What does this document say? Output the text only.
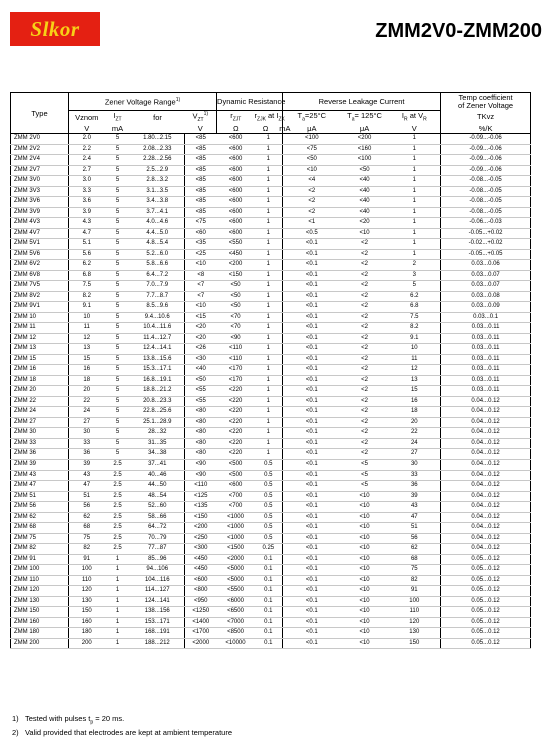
Slkor	ZMM2V0-ZMM200
Type	Zener Voltage Range$^{1)}$				Dynamic Resistance		Reverse Leakage Current			Temp coefficient
of Zener Voltage

	Vznom	$I_{ZT}$	for	$V_{ZT}^{1)}$	$r_{ZJT}$	$r_{ZJK}$ at $I_{ZK}$	$T_a=25^\circ C$	$T_a= 125^\circ C$	$I_R$ at $V_R$	TKvz
	V	mA		V	Ω	Ω mA	μA	μA	V	%/K
ZMM 2V0	2.0	5	1.80...2.15	<85	<600	1	<100	<200	1	-0.09...-0.06
ZMM 2V2	2.2	5	2.08...2.33	<85	<600	1	<75	<160	1	-0.09...-0.06
ZMM 2V4	2.4	5	2.28...2.56	<85	<600	1	<50	<100	1	-0.09...-0.06
ZMM 2V7	2.7	5	2.5...2.9	<85	<600	1	<10	<50	1	-0.09...-0.06
ZMM 3V0	3.0	5	2.8...3.2	<85	<600	1	<4	<40	1	-0.08...-0.05
ZMM 3V3	3.3	5	3.1...3.5	<85	<600	1	<2	<40	1	-0.08...-0.05
ZMM 3V6	3.6	5	3.4...3.8	<85	<600	1	<2	<40	1	-0.08...-0.05
ZMM 3V9	3.9	5	3.7...4.1	<85	<600	1	<2	<40	1	-0.08...-0.05
ZMM 4V3	4.3	5	4.0...4.6	<75	<600	1	<1	<20	1	-0.06...-0.03
ZMM 4V7	4.7	5	4.4...5.0	<60	<600	1	<0.5	<10	1	-0.05...+0.02
ZMM 5V1	5.1	5	4.8...5.4	<35	<550	1	<0.1	<2	1	-0.02...+0.02
ZMM 5V6	5.6	5	5.2...6.0	<25	<450	1	<0.1	<2	1	-0.05...+0.05
ZMM 6V2	6.2	5	5.8...6.6	<10	<200	1	<0.1	<2	2	0.03...0.06
ZMM 6V8	6.8	5	6.4...7.2	<8	<150	1	<0.1	<2	3	0.03...0.07
ZMM 7V5	7.5	5	7.0...7.9	<7	<50	1	<0.1	<2	5	0.03...0.07
ZMM 8V2	8.2	5	7.7...8.7	<7	<50	1	<0.1	<2	6.2	0.03...0.08
ZMM 9V1	9.1	5	8.5...9.6	<10	<50	1	<0.1	<2	6.8	0.03...0.09
ZMM 10	10	5	9.4...10.6	<15	<70	1	<0.1	<2	7.5	0.03...0.1
ZMM 11	11	5	10.4...11.6	<20	<70	1	<0.1	<2	8.2	0.03...0.11
ZMM 12	12	5	11.4...12.7	<20	<90	1	<0.1	<2	9.1	0.03...0.11
ZMM 13	13	5	12.4...14.1	<26	<110	1	<0.1	<2	10	0.03...0.11
ZMM 15	15	5	13.8...15.6	<30	<110	1	<0.1	<2	11	0.03...0.11
ZMM 16	16	5	15.3...17.1	<40	<170	1	<0.1	<2	12	0.03...0.11
ZMM 18	18	5	16.8...19.1	<50	<170	1	<0.1	<2	13	0.03...0.11
ZMM 20	20	5	18.8...21.2	<55	<220	1	<0.1	<2	15	0.03...0.11
ZMM 22	22	5	20.8...23.3	<55	<220	1	<0.1	<2	16	0.04...0.12
ZMM 24	24	5	22.8...25.6	<80	<220	1	<0.1	<2	18	0.04...0.12
ZMM 27	27	5	25.1...28.9	<80	<220	1	<0.1	<2	20	0.04...0.12
ZMM 30	30	5	28...32	<80	<220	1	<0.1	<2	22	0.04...0.12
ZMM 33	33	5	31...35	<80	<220	1	<0.1	<2	24	0.04...0.12
ZMM 36	36	5	34...38	<80	<220	1	<0.1	<2	27	0.04...0.12
ZMM 39	39	2.5	37...41	<90	<500	0.5	<0.1	<5	30	0.04...0.12
ZMM 43	43	2.5	40...46	<90	<500	0.5	<0.1	<5	33	0.04...0.12
ZMM 47	47	2.5	44...50	<110	<600	0.5	<0.1	<5	36	0.04...0.12
ZMM 51	51	2.5	48...54	<125	<700	0.5	<0.1	<10	39	0.04...0.12
ZMM 56	56	2.5	52...60	<135	<700	0.5	<0.1	<10	43	0.04...0.12
ZMM 62	62	2.5	58...66	<150	<1000	0.5	<0.1	<10	47	0.04...0.12
ZMM 68	68	2.5	64...72	<200	<1000	0.5	<0.1	<10	51	0.04...0.12
ZMM 75	75	2.5	70...79	<250	<1000	0.5	<0.1	<10	56	0.04...0.12
ZMM 82	82	2.5	77...87	<300	<1500	0.25	<0.1	<10	62	0.04...0.12
ZMM 91	91	1	85...96	<450	<2000	0.1	<0.1	<10	68	0.05...0.12
ZMM 100	100	1	94...106	<450	<5000	0.1	<0.1	<10	75	0.05...0.12
ZMM 110	110	1	104...116	<600	<5000	0.1	<0.1	<10	82	0.05...0.12
ZMM 120	120	1	114...127	<800	<5500	0.1	<0.1	<10	91	0.05...0.12
ZMM 130	130	1	124...141	<950	<6000	0.1	<0.1	<10	100	0.05...0.12
ZMM 150	150	1	138...156	<1250	<6500	0.1	<0.1	<10	110	0.05...0.12
ZMM 160	160	1	153...171	<1400	<7000	0.1	<0.1	<10	120	0.05...0.12
ZMM 180	180	1	168...191	<1700	<8500	0.1	<0.1	<10	130	0.05...0.12
ZMM 200	200	1	188...212	<2000	<10000	0.1	<0.1	<10	150	0.05...0.12
1) Tested with pulses $t_p = 20$ ms.
2) Valid provided that electrodes are kept at ambient temperature
